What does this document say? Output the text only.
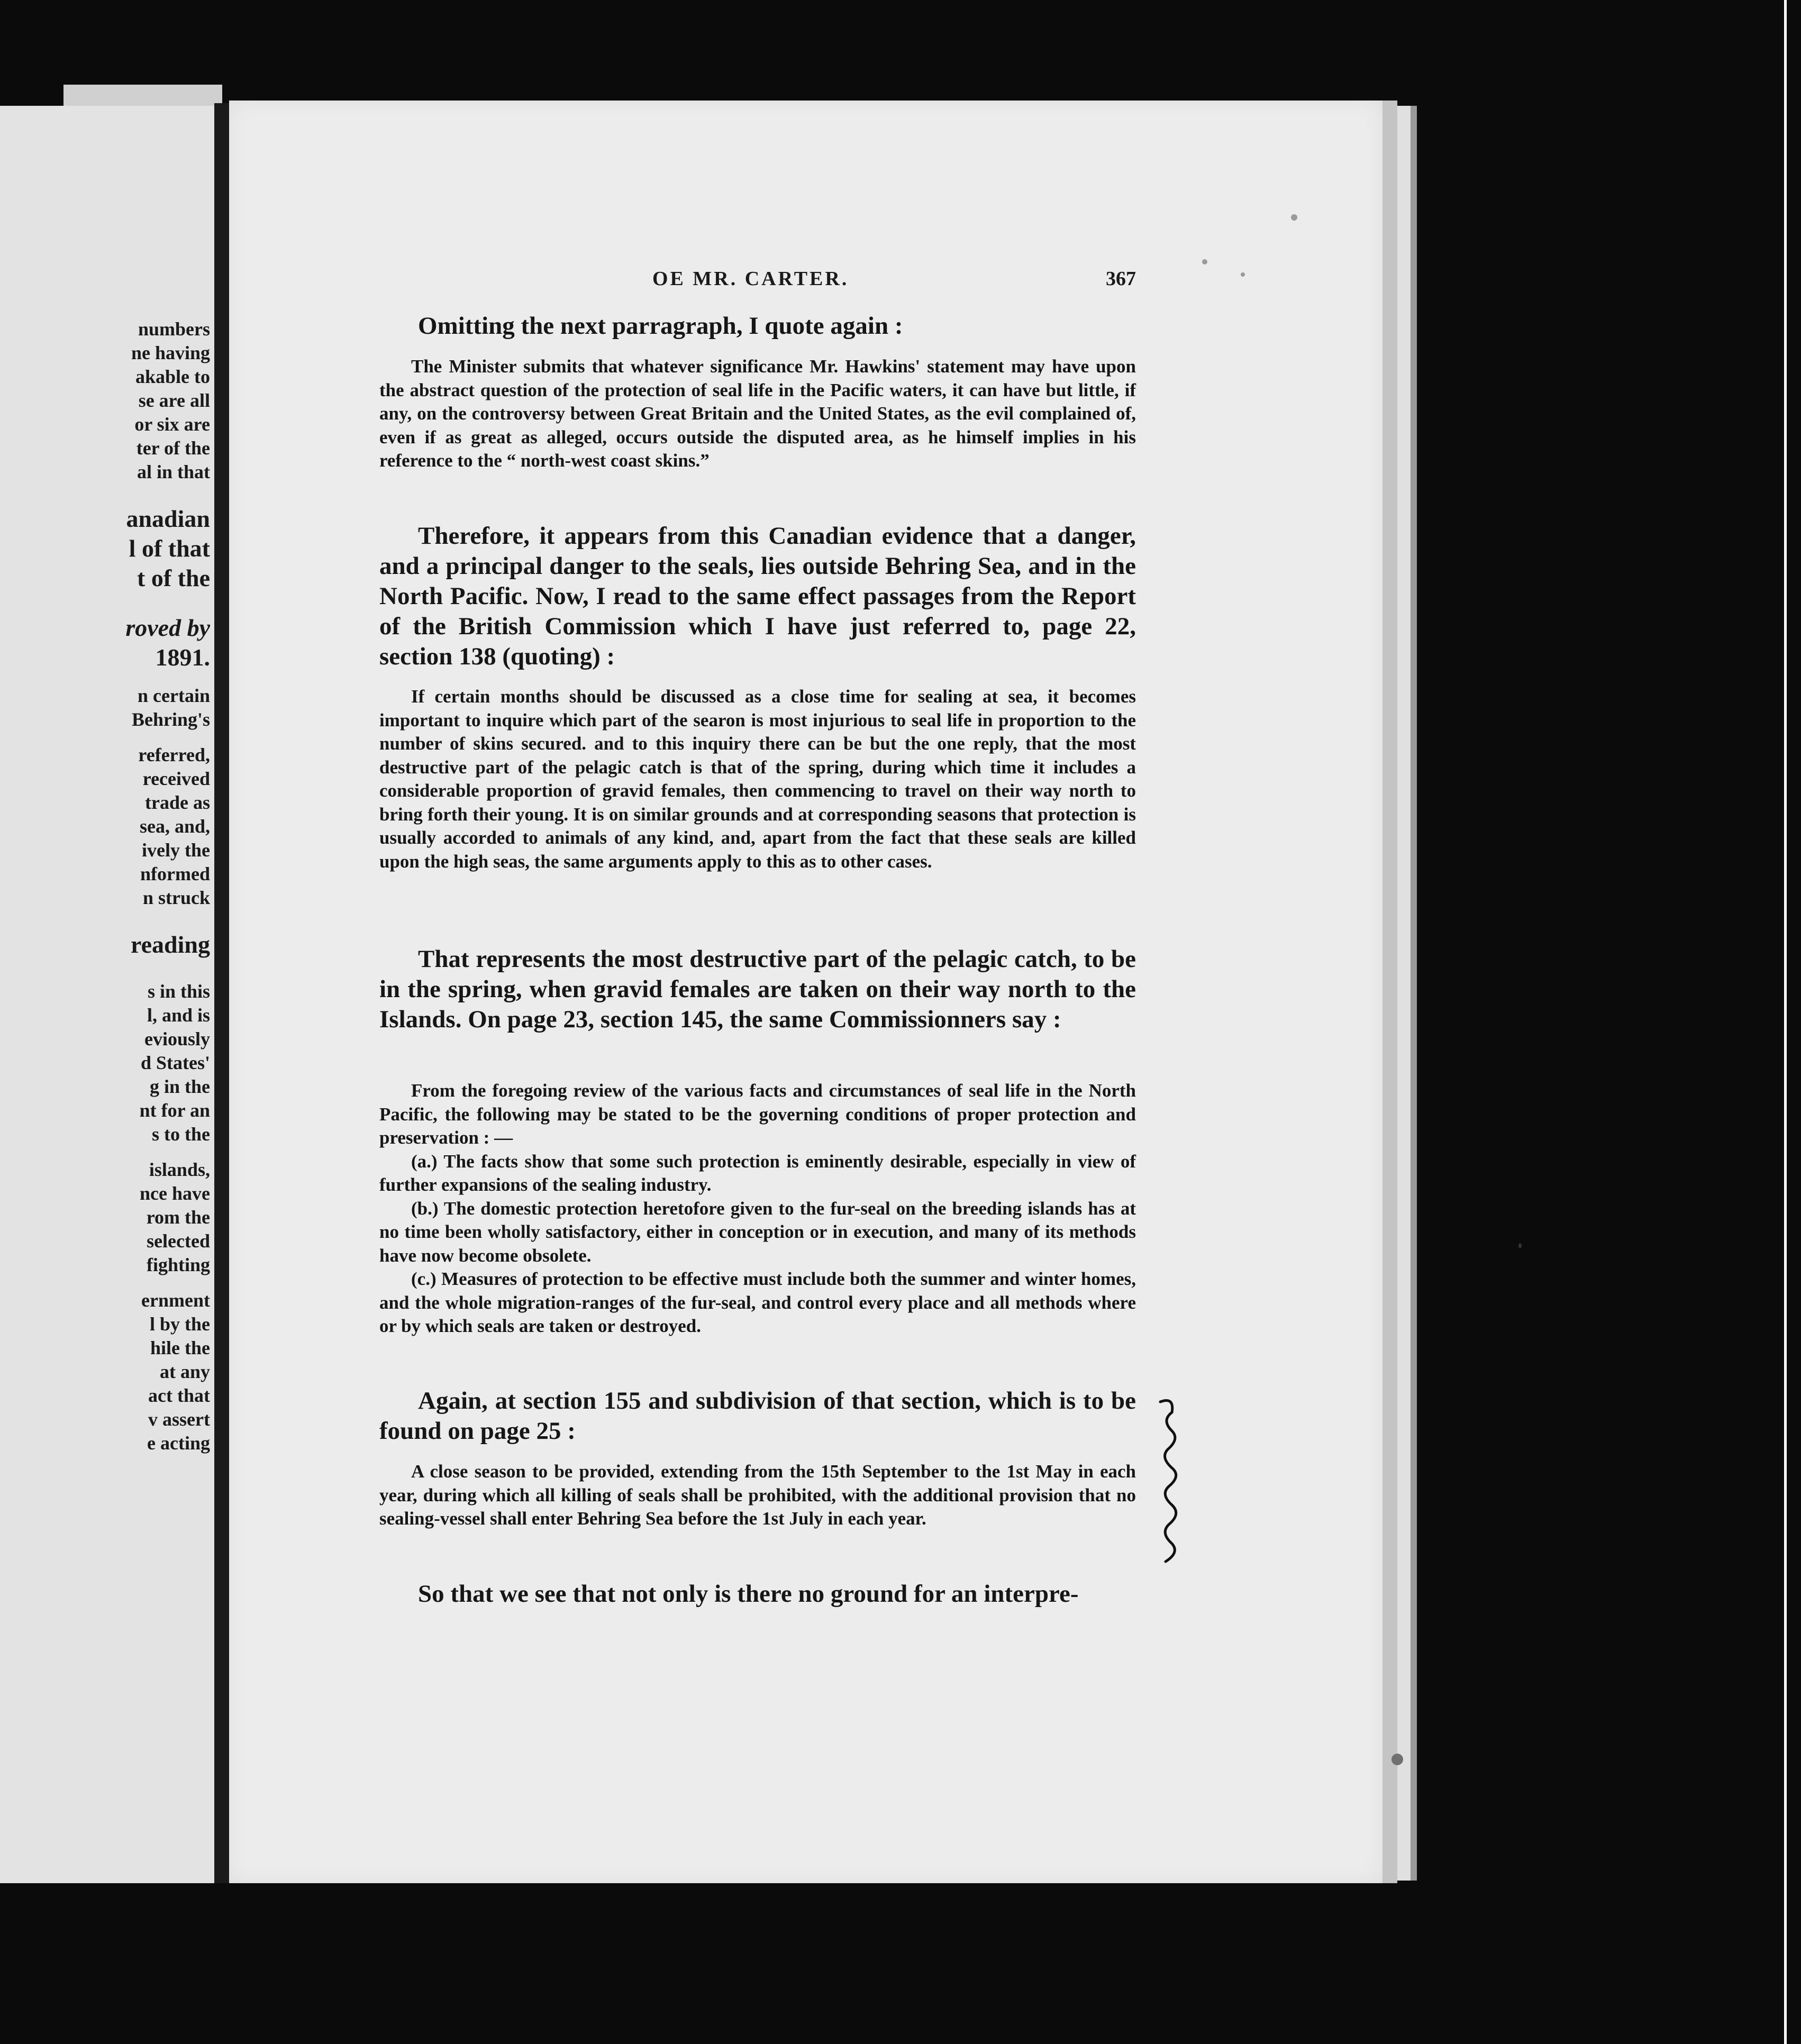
numbers
ne having
akable to
se are all
or six are
ter of the
al in that
anadian
l of that
t of the
roved by
1891.
n certain
Behring's
referred,
received
trade as
sea, and,
ively the
nformed
n struck
reading
s in this
l, and is
eviously
d States'
g in the
nt for an
s to the
islands,
nce have
rom the
selected
fighting
ernment
l by the
hile the
at any
act that
v assert
e acting
OE MR. CARTER.	367

Omitting the next parragraph, I quote again :

The Minister submits that whatever significance Mr. Hawkins' statement may have upon the abstract question of the protection of seal life in the Pacific waters, it can have but little, if any, on the controversy between Great Britain and the United States, as the evil complained of, even if as great as alleged, occurs outside the disputed area, as he himself implies in his reference to the “ north-west coast skins.”

Therefore, it appears from this Canadian evidence that a danger, and a principal danger to the seals, lies outside Behring Sea, and in the North Pacific. Now, I read to the same effect passages from the Report of the British Commission which I have just referred to, page 22, section 138 (quoting) :

If certain months should be discussed as a close time for sealing at sea, it becomes important to inquire which part of the searon is most injurious to seal life in proportion to the number of skins secured. and to this inquiry there can be but the one reply, that the most destructive part of the pelagic catch is that of the spring, during which time it includes a considerable proportion of gravid females, then commencing to travel on their way north to bring forth their young. It is on similar grounds and at corresponding seasons that protection is usually accorded to animals of any kind, and, apart from the fact that these seals are killed upon the high seas, the same arguments apply to this as to other cases.

That represents the most destructive part of the pelagic catch, to be in the spring, when gravid females are taken on their way north to the Islands. On page 23, section 145, the same Commissionners say :

From the foregoing review of the various facts and circumstances of seal life in the North Pacific, the following may be stated to be the governing conditions of proper protection and preservation : —

(a.) The facts show that some such protection is eminently desirable, especially in view of further expansions of the sealing industry.

(b.) The domestic protection heretofore given to the fur-seal on the breeding islands has at no time been wholly satisfactory, either in conception or in execution, and many of its methods have now become obsolete.

(c.) Measures of protection to be effective must include both the summer and winter homes, and the whole migration-ranges of the fur-seal, and control every place and all methods where or by which seals are taken or destroyed.

Again, at section 155 and subdivision of that section, which is to be found on page 25 :

A close season to be provided, extending from the 15th September to the 1st May in each year, during which all killing of seals shall be prohibited, with the additional provision that no sealing-vessel shall enter Behring Sea before the 1st July in each year.

So that we see that not only is there no ground for an interpre-
